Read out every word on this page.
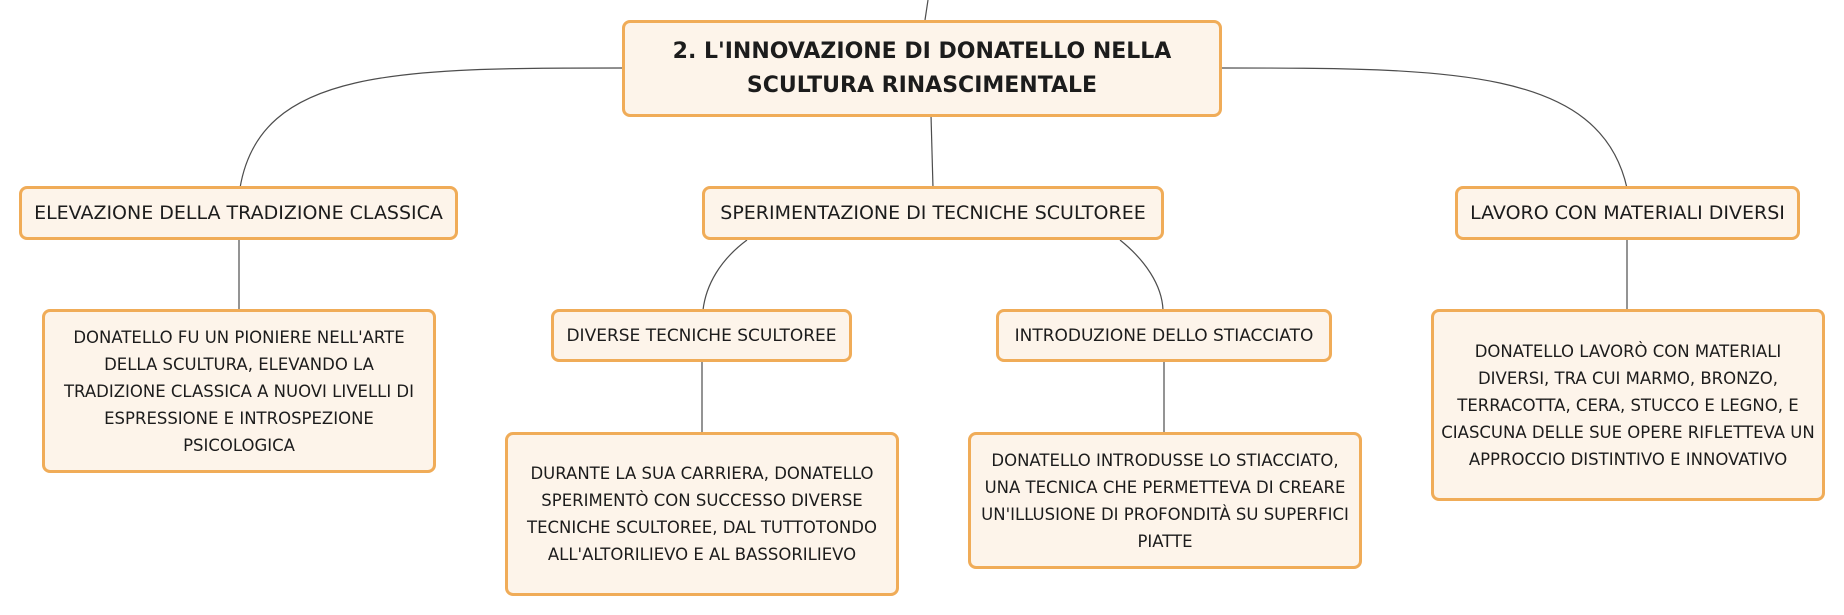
2. L'INNOVAZIONE DI DONATELLO NELLA SCULTURA RINASCIMENTALE
ELEVAZIONE DELLA TRADIZIONE CLASSICA	SPERIMENTAZIONE DI TECNICHE SCULTOREE	LAVORO CON MATERIALI DIVERSI
DIVERSE TECNICHE SCULTOREE	INTRODUZIONE DELLO STIACCIATO
DONATELLO FU UN PIONIERE NELL'ARTE DELLA SCULTURA, ELEVANDO LA TRADIZIONE CLASSICA A NUOVI LIVELLI DI ESPRESSIONE E INTROSPEZIONE PSICOLOGICA
DURANTE LA SUA CARRIERA, DONATELLO SPERIMENTÒ CON SUCCESSO DIVERSE TECNICHE SCULTOREE, DAL TUTTOTONDO ALL'ALTORILIEVO E AL BASSORILIEVO
DONATELLO INTRODUSSE LO STIACCIATO, UNA TECNICA CHE PERMETTEVA DI CREARE UN'ILLUSIONE DI PROFONDITÀ SU SUPERFICI PIATTE
DONATELLO LAVORÒ CON MATERIALI DIVERSI, TRA CUI MARMO, BRONZO, TERRACOTTA, CERA, STUCCO E LEGNO, E CIASCUNA DELLE SUE OPERE RIFLETTEVA UN APPROCCIO DISTINTIVO E INNOVATIVO
